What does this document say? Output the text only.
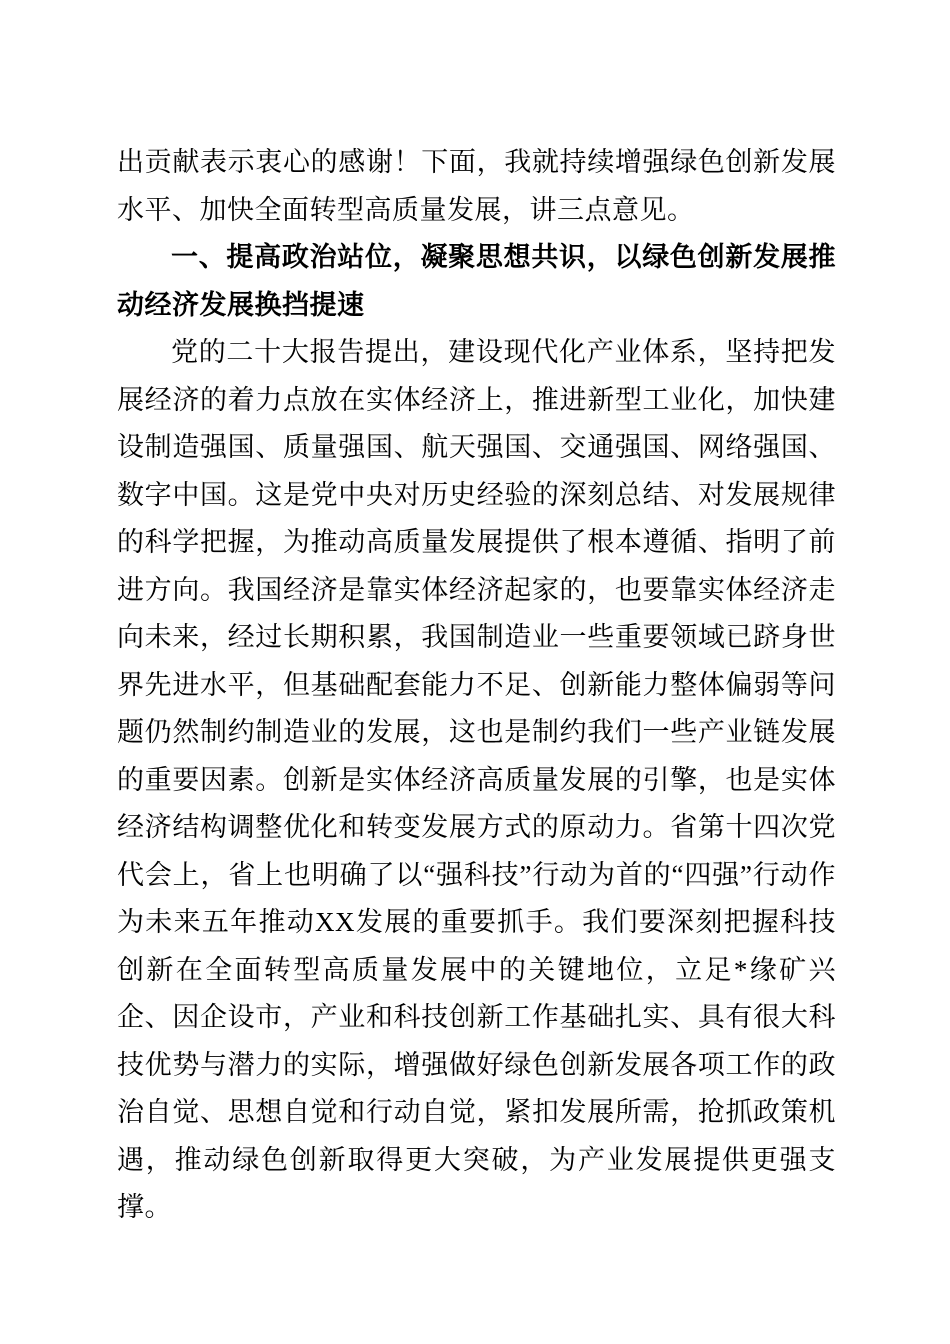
出贡献表示衷心的感谢！下面，我就持续增强绿色创新发展水平、加快全面转型高质量发展，讲三点意见。

一、提高政治站位，凝聚思想共识，以绿色创新发展推动经济发展换挡提速

党的二十大报告提出，建设现代化产业体系，坚持把发展经济的着力点放在实体经济上，推进新型工业化，加快建设制造强国、质量强国、航天强国、交通强国、网络强国、数字中国。这是党中央对历史经验的深刻总结、对发展规律的科学把握，为推动高质量发展提供了根本遵循、指明了前进方向。我国经济是靠实体经济起家的，也要靠实体经济走向未来，经过长期积累，我国制造业一些重要领域已跻身世界先进水平，但基础配套能力不足、创新能力整体偏弱等问题仍然制约制造业的发展，这也是制约我们一些产业链发展的重要因素。创新是实体经济高质量发展的引擎，也是实体经济结构调整优化和转变发展方式的原动力。省第十四次党代会上，省上也明确了以“强科技”行动为首的“四强”行动作为未来五年推动XX发展的重要抓手。我们要深刻把握科技创新在全面转型高质量发展中的关键地位，立足*缘矿兴企、因企设市，产业和科技创新工作基础扎实、具有很大科技优势与潜力的实际，增强做好绿色创新发展各项工作的政治自觉、思想自觉和行动自觉，紧扣发展所需，抢抓政策机遇，推动绿色创新取得更大突破，为产业发展提供更强支撑。
